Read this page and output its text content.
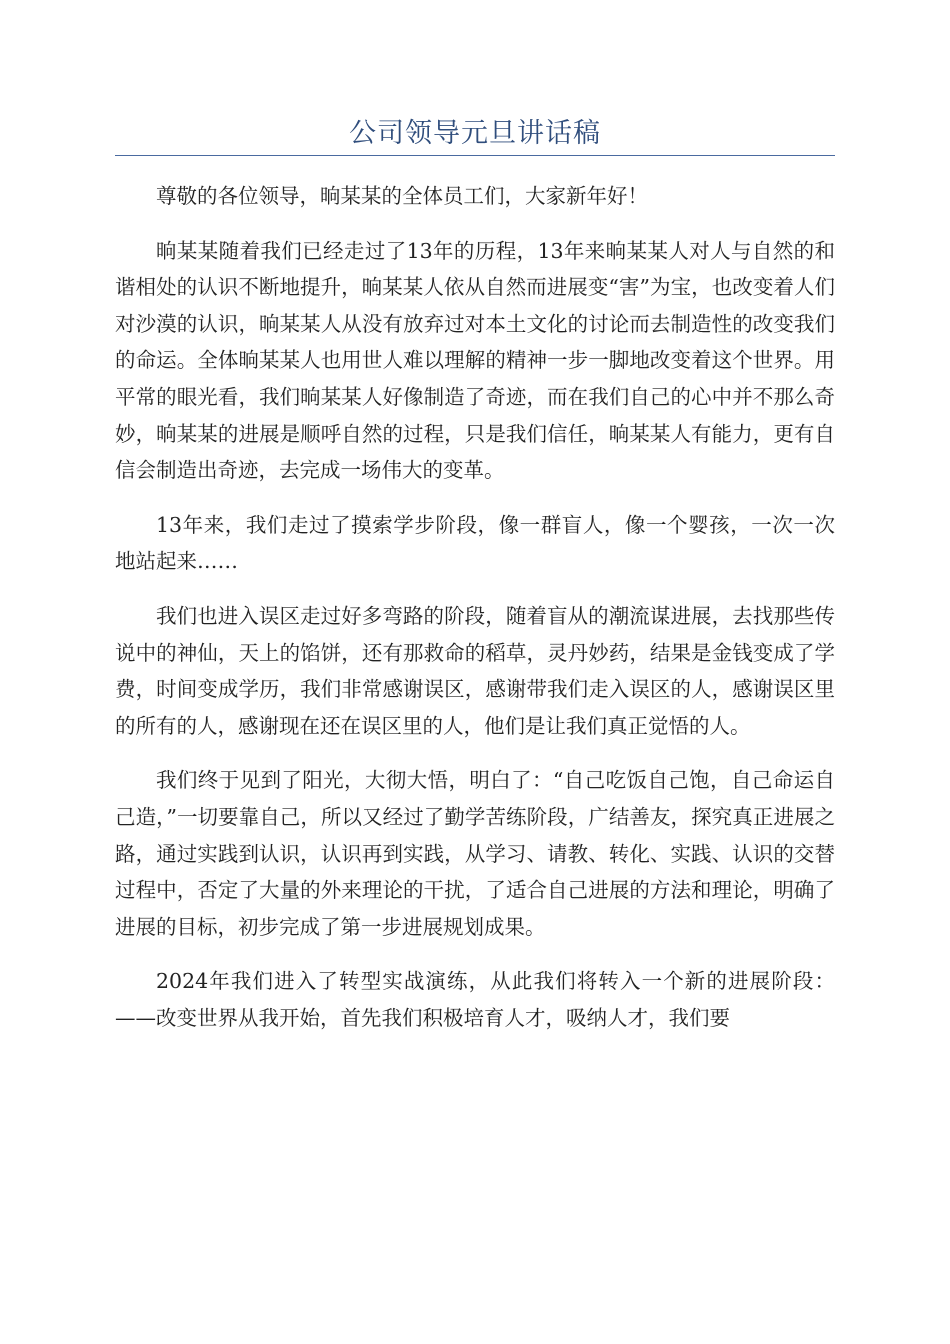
公司领导元旦讲话稿

尊敬的各位领导，晌某某的全体员工们，大家新年好！

晌某某随着我们已经走过了13年的历程，13年来晌某某人对人与自然的和谐相处的认识不断地提升，晌某某人依从自然而进展变“害”为宝，也改变着人们对沙漠的认识，晌某某人从没有放弃过对本土文化的讨论而去制造性的改变我们的命运。全体晌某某人也用世人难以理解的精神一步一脚地改变着这个世界。用平常的眼光看，我们晌某某人好像制造了奇迹，而在我们自己的心中并不那么奇妙，晌某某的进展是顺呼自然的过程，只是我们信任，晌某某人有能力，更有自信会制造出奇迹，去完成一场伟大的变革。

13年来，我们走过了摸索学步阶段，像一群盲人，像一个婴孩，一次一次地站起来……

我们也进入误区走过好多弯路的阶段，随着盲从的潮流谋进展，去找那些传说中的神仙，天上的馅饼，还有那救命的稻草，灵丹妙药，结果是金钱变成了学费，时间变成学历，我们非常感谢误区，感谢带我们走入误区的人，感谢误区里的所有的人，感谢现在还在误区里的人，他们是让我们真正觉悟的人。

我们终于见到了阳光，大彻大悟，明白了：“自己吃饭自己饱，自己命运自己造，”一切要靠自己，所以又经过了勤学苦练阶段，广结善友，探究真正进展之路，通过实践到认识，认识再到实践，从学习、请教、转化、实践、认识的交替过程中，否定了大量的外来理论的干扰，了适合自己进展的方法和理论，明确了进展的目标，初步完成了第一步进展规划成果。

2024年我们进入了转型实战演练，从此我们将转入一个新的进展阶段：——改变世界从我开始，首先我们积极培育人才，吸纳人才，我们要
